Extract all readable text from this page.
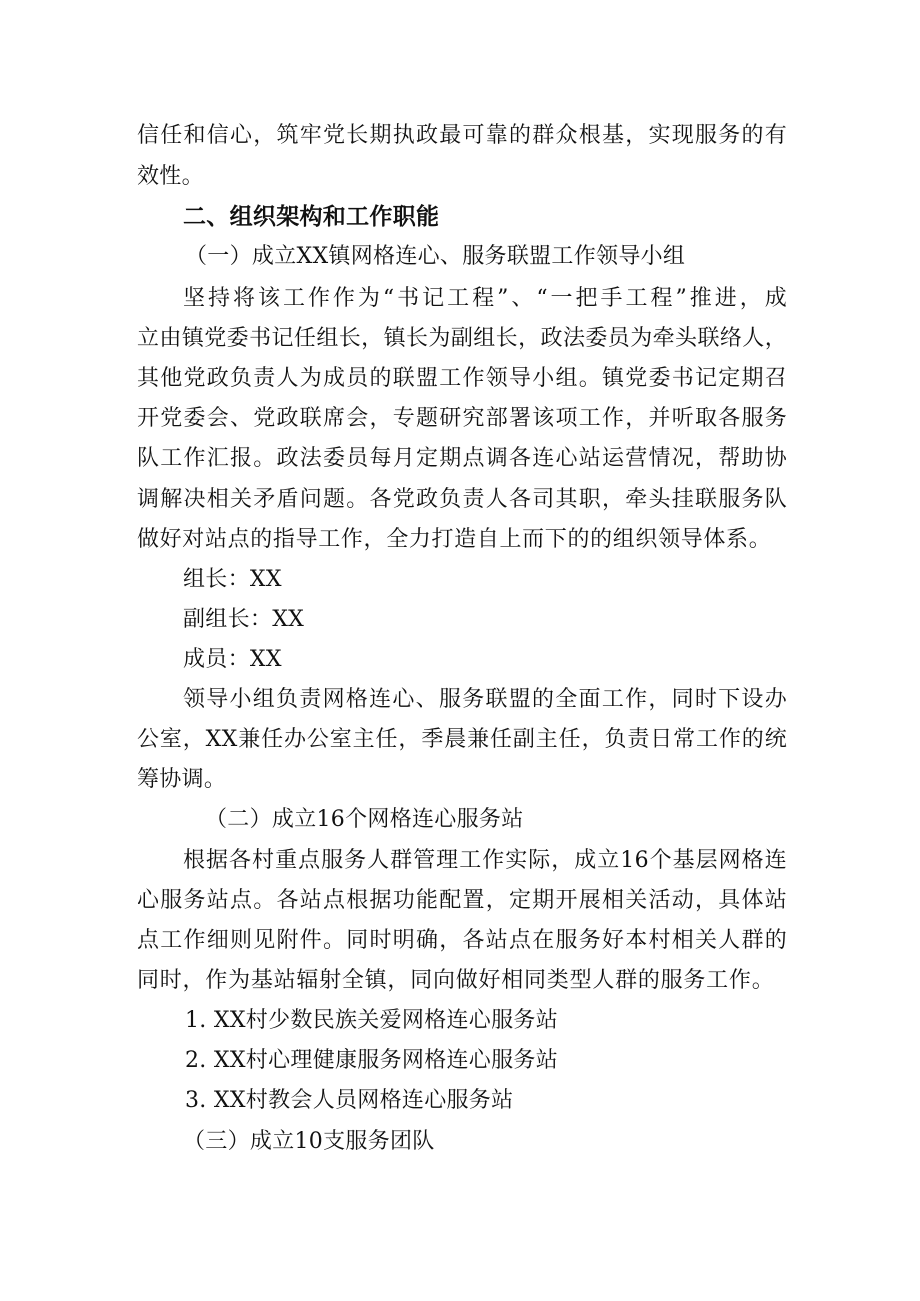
信任和信心，筑牢党长期执政最可靠的群众根基，实现服务的有
效性。
二、组织架构和工作职能
（一）成立XX镇网格连心、服务联盟工作领导小组
坚持将该工作作为“书记工程”、“一把手工程”推进，成
立由镇党委书记任组长，镇长为副组长，政法委员为牵头联络人，
其他党政负责人为成员的联盟工作领导小组。镇党委书记定期召
开党委会、党政联席会，专题研究部署该项工作，并听取各服务
队工作汇报。政法委员每月定期点调各连心站运营情况，帮助协
调解决相关矛盾问题。各党政负责人各司其职，牵头挂联服务队
做好对站点的指导工作，全力打造自上而下的的组织领导体系。
组长：XX
副组长：XX
成员：XX
领导小组负责网格连心、服务联盟的全面工作，同时下设办
公室，XX兼任办公室主任，季晨兼任副主任，负责日常工作的统
筹协调。
（二）成立16个网格连心服务站
根据各村重点服务人群管理工作实际，成立16个基层网格连
心服务站点。各站点根据功能配置，定期开展相关活动，具体站
点工作细则见附件。同时明确，各站点在服务好本村相关人群的
同时，作为基站辐射全镇，同向做好相同类型人群的服务工作。
1. XX村少数民族关爱网格连心服务站
2. XX村心理健康服务网格连心服务站
3. XX村教会人员网格连心服务站
（三）成立10支服务团队
